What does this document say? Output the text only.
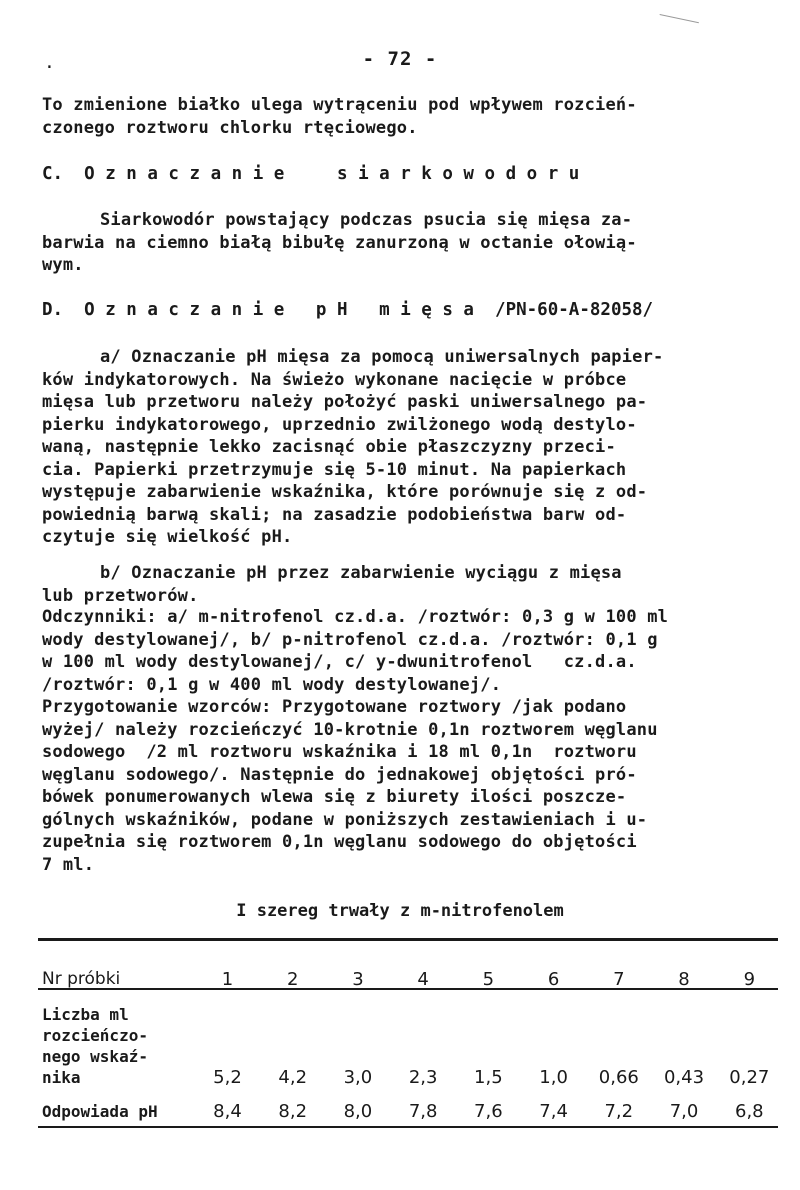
.	- 72 -
To zmienione białko ulega wytrąceniu pod wpływem rozcień-
czonego roztworu chlorku rtęciowego.
C.  O z n a c z a n i e     s i a r k o w o d o r u
Siarkowodór powstający podczas psucia się mięsa za-
barwia na ciemno białą bibułę zanurzoną w octanie ołowią-
wym.
D.  O z n a c z a n i e   p H   m i ę s a  /PN-60-A-82058/
a/ Oznaczanie pH mięsa za pomocą uniwersalnych papier-
ków indykatorowych. Na świeżo wykonane nacięcie w próbce
mięsa lub przetworu należy położyć paski uniwersalnego pa-
pierku indykatorowego, uprzednio zwilżonego wodą destylo-
waną, następnie lekko zacisnąć obie płaszczyzny przeci-
cia. Papierki przetrzymuje się 5-10 minut. Na papierkach
występuje zabarwienie wskaźnika, które porównuje się z od-
powiednią barwą skali; na zasadzie podobieństwa barw od-
czytuje się wielkość pH.
b/ Oznaczanie pH przez zabarwienie wyciągu z mięsa
lub przetworów.
Odczynniki: a/ m-nitrofenol cz.d.a. /roztwór: 0,3 g w 100 ml
wody destylowanej/, b/ p-nitrofenol cz.d.a. /roztwór: 0,1 g
w 100 ml wody destylowanej/, c/ y-dwunitrofenol   cz.d.a.
/roztwór: 0,1 g w 400 ml wody destylowanej/.
Przygotowanie wzorców: Przygotowane roztwory /jak podano
wyżej/ należy rozcieńczyć 10-krotnie 0,1n roztworem węglanu
sodowego  /2 ml roztworu wskaźnika i 18 ml 0,1n  roztworu
węglanu sodowego/. Następnie do jednakowej objętości pró-
bówek ponumerowanych wlewa się z biurety ilości poszcze-
gólnych wskaźników, podane w poniższych zestawieniach i u-
zupełnia się roztworem 0,1n węglanu sodowego do objętości
7 ml.
I szereg trwały z m-nitrofenolem
Nr próbki	1	2	3	4	5	6	7	8	9

Liczba ml
rozcieńczo-
nego wskaź-
nika	5,2	4,2	3,0	2,3	1,5	1,0	0,66	0,43	0,27
Odpowiada pH	8,4	8,2	8,0	7,8	7,6	7,4	7,2	7,0	6,8
